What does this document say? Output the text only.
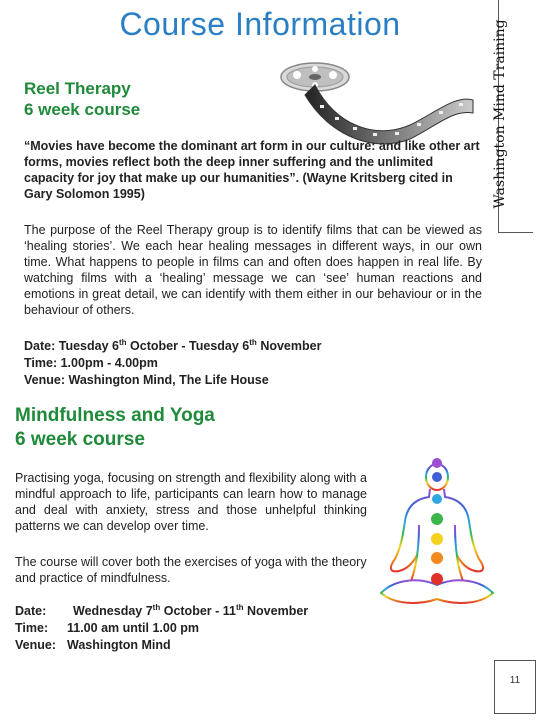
Course Information	Washington Mind Training
Reel Therapy
6 week course
“Movies have become the dominant art form in our culture: and like other art forms, movies reflect both the deep inner suffering and the unlimited capacity for joy that make up our humanities”. (Wayne Kritsberg cited in Gary Solomon 1995)
The purpose of the Reel Therapy group is to identify films that can be viewed as ‘healing stories’. We each hear healing messages in different ways, in our own time. What happens to people in films can and often does happen in real life. By watching films with a ‘healing’ message we can ‘see’ human reactions and emotions in great detail, we can identify with them either in our behaviour or in the behaviour of others.
Date: Tuesday 6th October - Tuesday 6th November
Time: 1.00pm - 4.00pm
Venue: Washington Mind, The Life House
Mindfulness and Yoga
6 week course
Practising yoga, focusing on strength and flexibility along with a mindful approach to life, participants can learn how to manage and deal with anxiety, stress and those unhelpful thinking patterns we can develop over time.
The course will cover both the exercises of yoga with the theory and practice of mindfulness.
Date: Wednesday 7th October - 11th November
Time: 11.00 am until 1.00 pm
Venue: Washington Mind
11
